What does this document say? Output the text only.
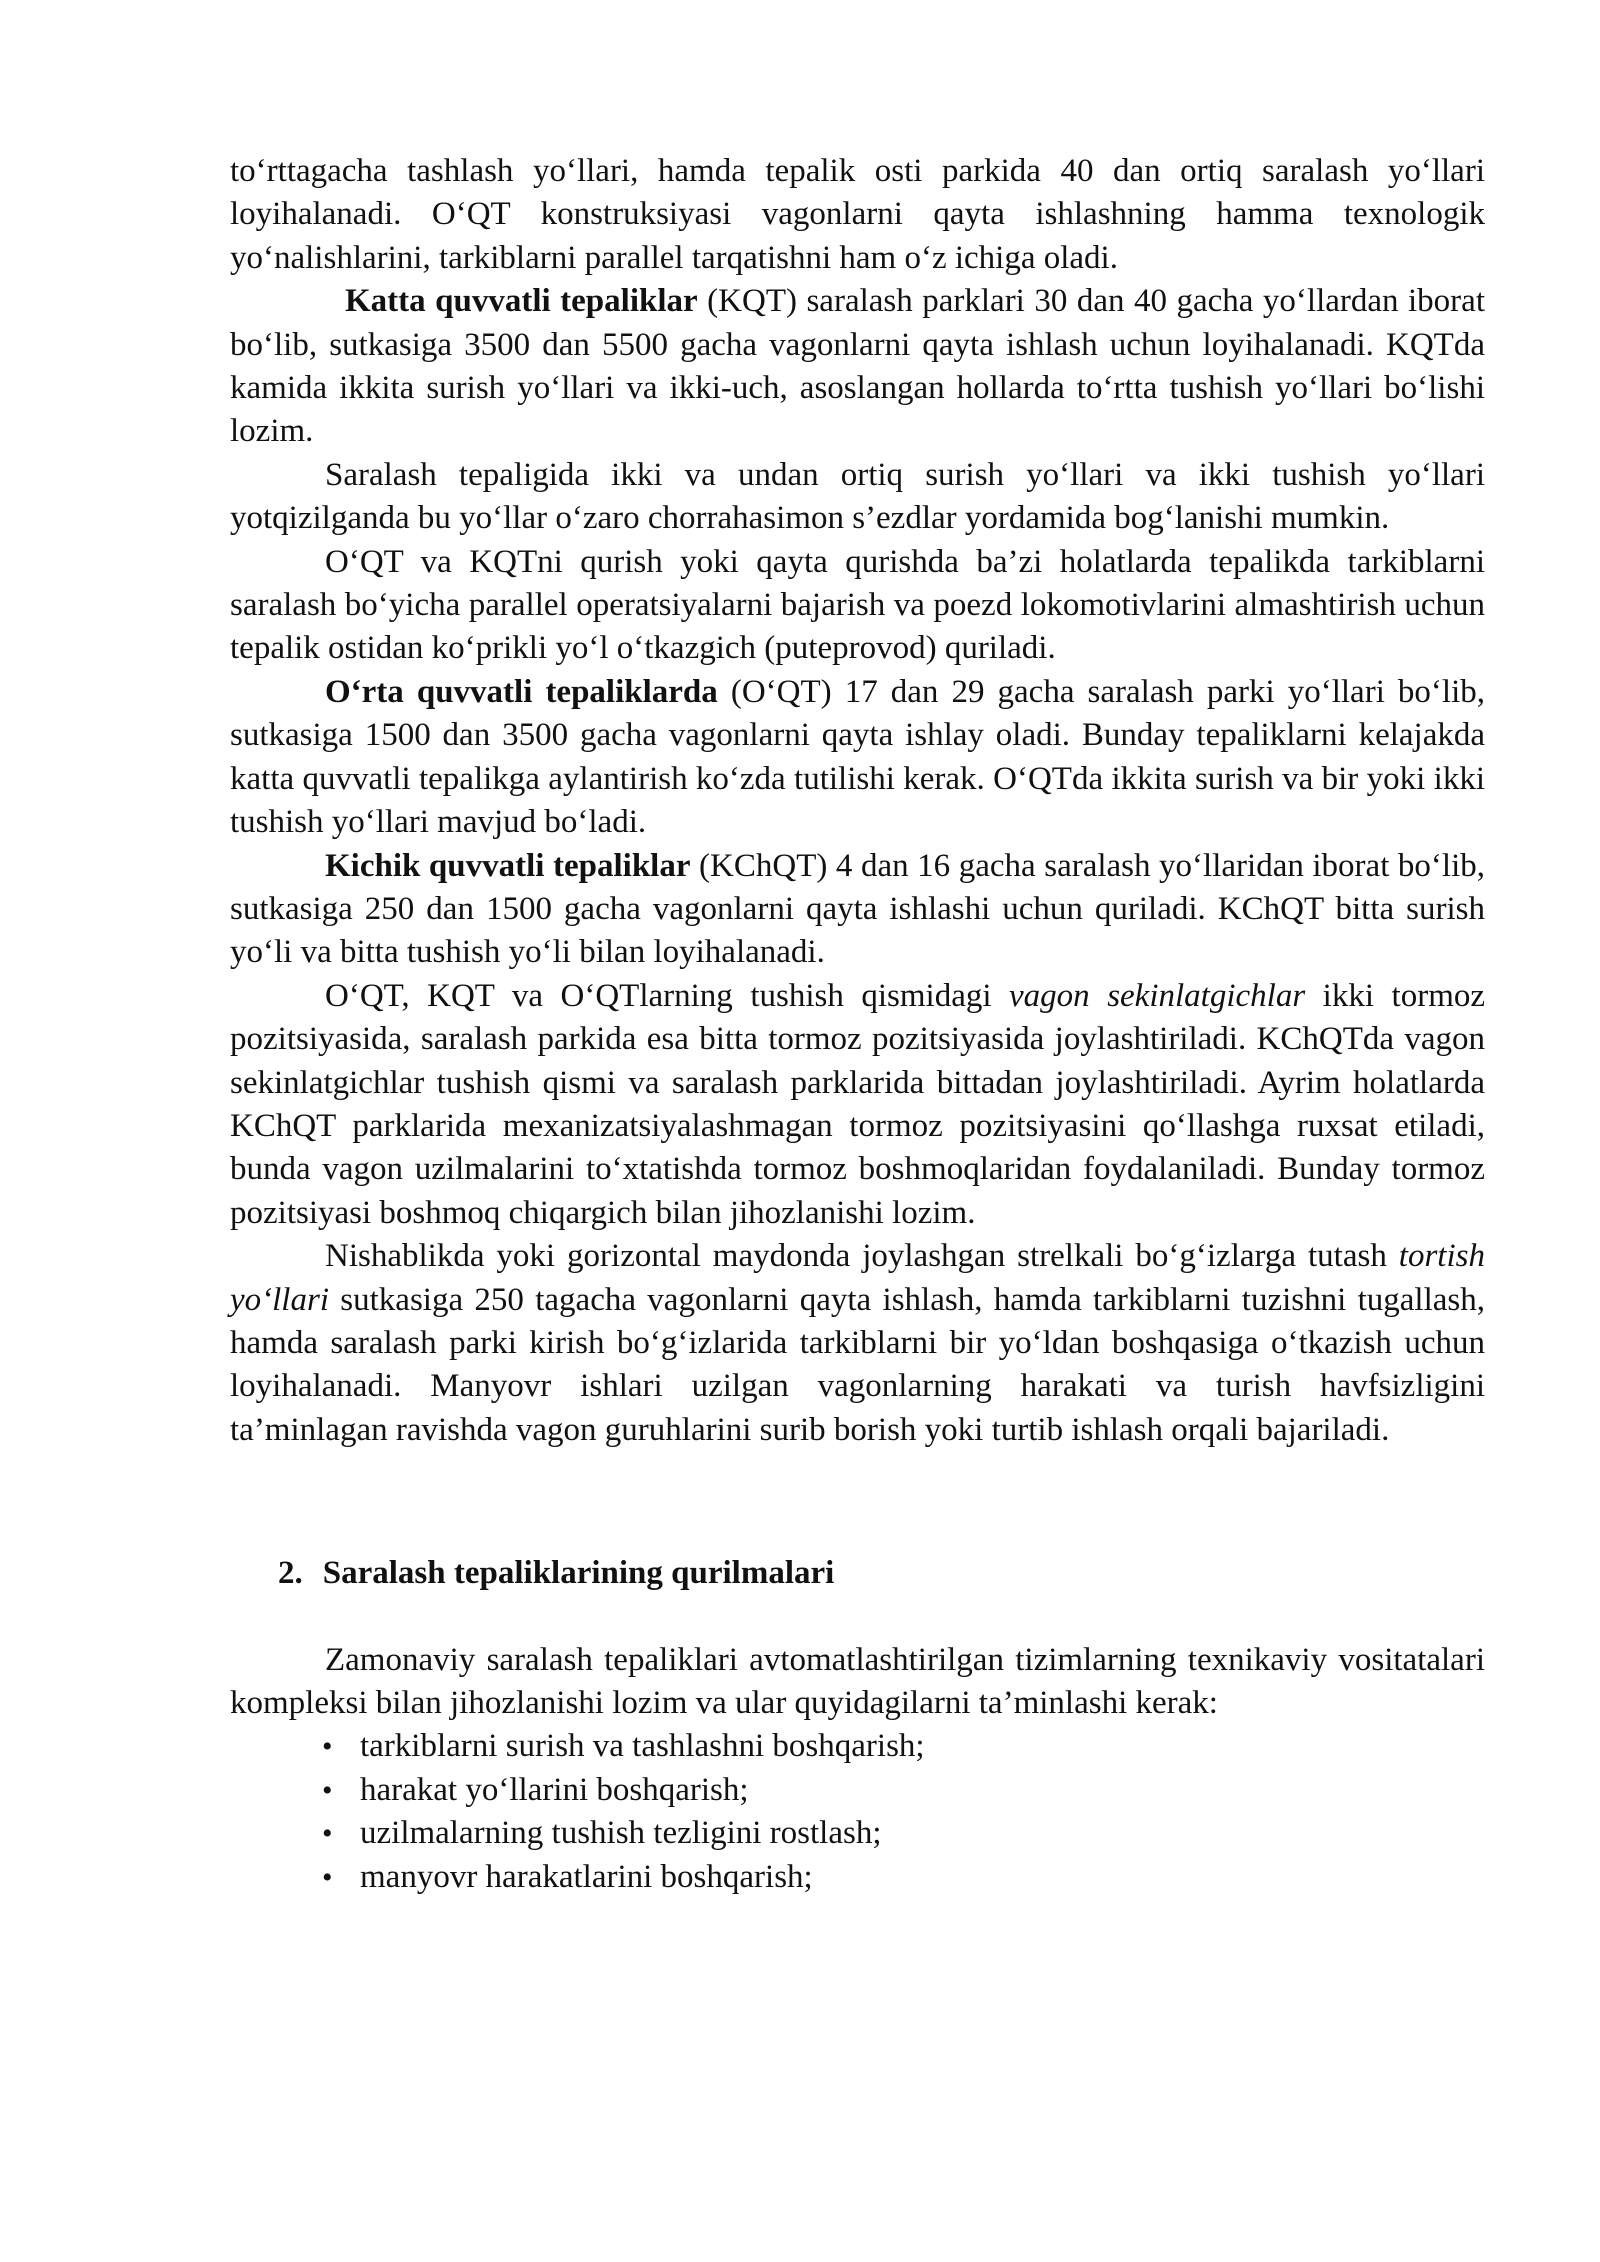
to‘rttagacha tashlash yo‘llari, hamda tepalik osti parkida 40 dan ortiq saralash yo‘llari loyihalanadi. O‘QT konstruksiyasi vagonlarni qayta ishlashning hamma texnologik yo‘nalishlarini, tarkiblarni parallel tarqatishni ham o‘z ichiga oladi.

Katta quvvatli tepaliklar (KQT) saralash parklari 30 dan 40 gacha yo‘llardan iborat bo‘lib, sutkasiga 3500 dan 5500 gacha vagonlarni qayta ishlash uchun loyihalanadi. KQTda kamida ikkita surish yo‘llari va ikki-uch, asoslangan hollarda to‘rtta tushish yo‘llari bo‘lishi lozim.

Saralash tepaligida ikki va undan ortiq surish yo‘llari va ikki tushish yo‘llari yotqizilganda bu yo‘llar o‘zaro chorrahasimon s’ezdlar yordamida bog‘lanishi mumkin.

O‘QT va KQTni qurish yoki qayta qurishda ba’zi holatlarda tepalikda tarkiblarni saralash bo‘yicha parallel operatsiyalarni bajarish va poezd lokomotivlarini almashtirish uchun tepalik ostidan ko‘prikli yo‘l o‘tkazgich (puteprovod) quriladi.

O‘rta quvvatli tepaliklarda (O‘QT) 17 dan 29 gacha saralash parki yo‘llari bo‘lib, sutkasiga 1500 dan 3500 gacha vagonlarni qayta ishlay oladi. Bunday tepaliklarni kelajakda katta quvvatli tepalikga aylantirish ko‘zda tutilishi kerak. O‘QTda ikkita surish va bir yoki ikki tushish yo‘llari mavjud bo‘ladi.

Kichik quvvatli tepaliklar (KChQT) 4 dan 16 gacha saralash yo‘llaridan iborat bo‘lib, sutkasiga 250 dan 1500 gacha vagonlarni qayta ishlashi uchun quriladi. KChQT bitta surish yo‘li va bitta tushish yo‘li bilan loyihalanadi.

O‘QT, KQT va O‘QTlarning tushish qismidagi vagon sekinlatgichlar ikki tormoz pozitsiyasida, saralash parkida esa bitta tormoz pozitsiyasida joylashtiriladi. KChQTda vagon sekinlatgichlar tushish qismi va saralash parklarida bittadan joylashtiriladi. Ayrim holatlarda KChQT parklarida mexanizatsiyalashmagan tormoz pozitsiyasini qo‘llashga ruxsat etiladi, bunda vagon uzilmalarini to‘xtatishda tormoz boshmoqlaridan foydalaniladi. Bunday tormoz pozitsiyasi boshmoq chiqargich bilan jihozlanishi lozim.

Nishablikda yoki gorizontal maydonda joylashgan strelkali bo‘g‘izlarga tutash tortish yo‘llari sutkasiga 250 tagacha vagonlarni qayta ishlash, hamda tarkiblarni tuzishni tugallash, hamda saralash parki kirish bo‘g‘izlarida tarkiblarni bir yo‘ldan boshqasiga o‘tkazish uchun loyihalanadi. Manyovr ishlari uzilgan vagonlarning harakati va turish havfsizligini ta’minlagan ravishda vagon guruhlarini surib borish yoki turtib ishlash orqali bajariladi.

2. Saralash tepaliklarining qurilmalari

Zamonaviy saralash tepaliklari avtomatlashtirilgan tizimlarning texnikaviy vositatalari kompleksi bilan jihozlanishi lozim va ular quyidagilarni ta’minlashi kerak:

• tarkiblarni surish va tashlashni boshqarish;
• harakat yo‘llarini boshqarish;
• uzilmalarning tushish tezligini rostlash;
• manyovr harakatlarini boshqarish;
